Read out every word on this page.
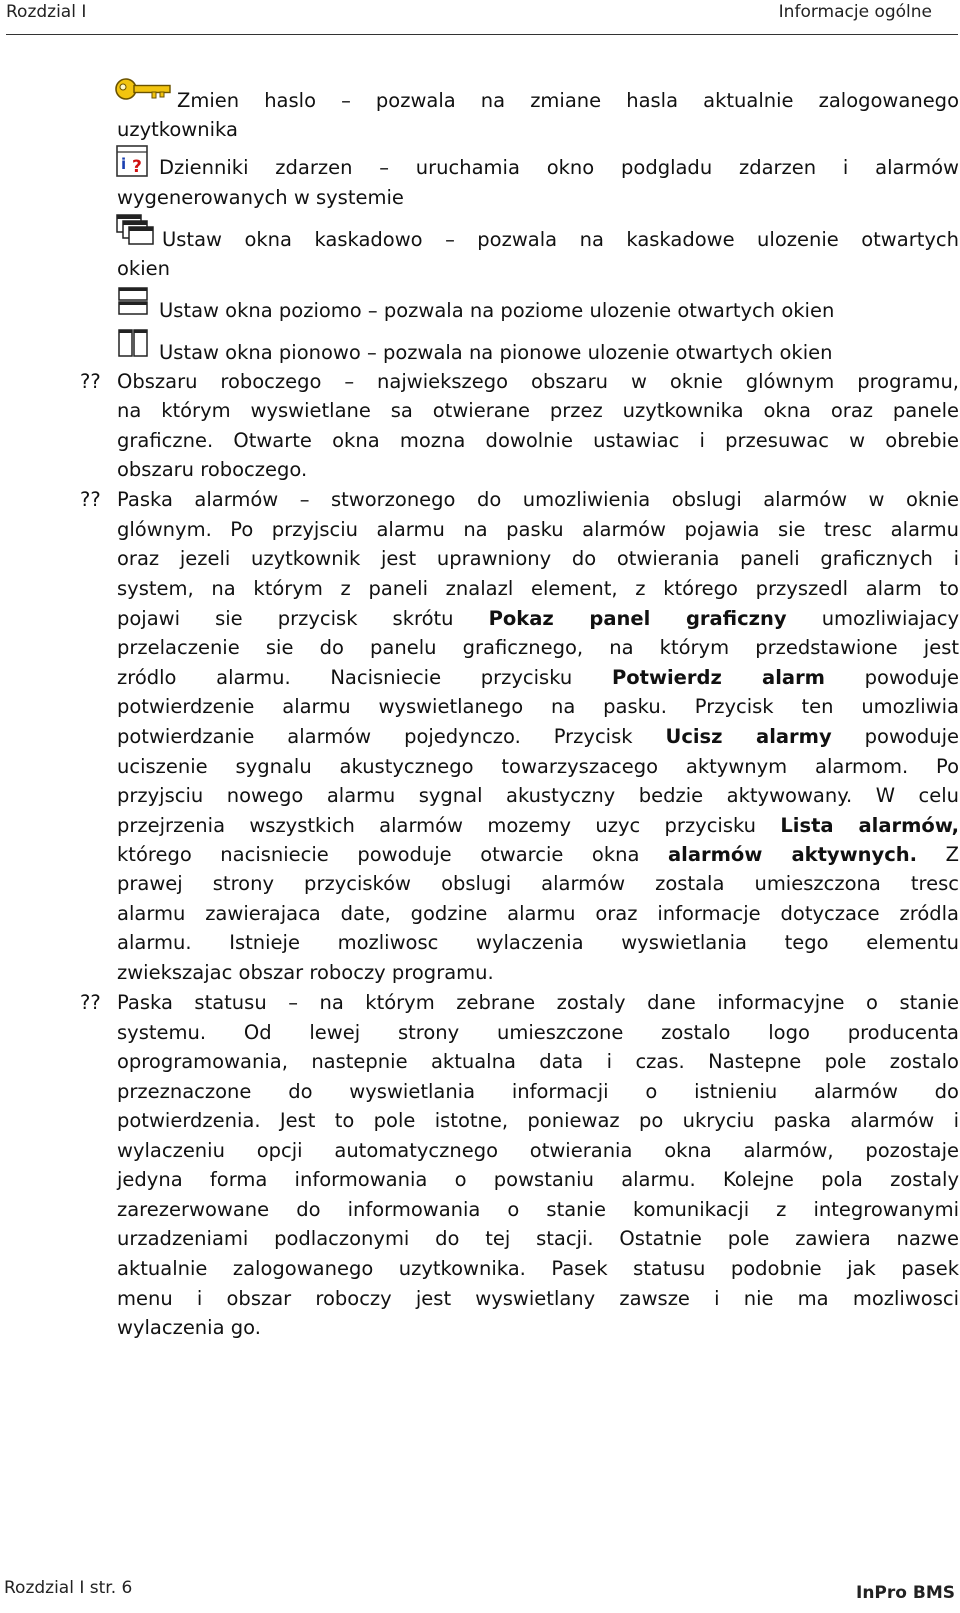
Rozdzial I	Informacje ogólne
i ?
Zmien haslo – pozwala na zmiane hasla aktualnie zalogowanego
uzytkownika
Dzienniki zdarzen – uruchamia okno podgladu zdarzen i alarmów
wygenerowanych w systemie
Ustaw okna kaskadowo – pozwala na kaskadowe ulozenie otwartych
okien
Ustaw okna poziomo – pozwala na poziome ulozenie otwartych okien
Ustaw okna pionowo – pozwala na pionowe ulozenie otwartych okien
?? Obszaru roboczego – najwiekszego obszaru w oknie glównym programu,
na którym wyswietlane sa otwierane przez uzytkownika okna oraz panele
graficzne. Otwarte okna mozna dowolnie ustawiac i przesuwac w obrebie
obszaru roboczego.
?? Paska alarmów – stworzonego do umozliwienia obslugi alarmów w oknie
glównym. Po przyjsciu alarmu na pasku alarmów pojawia sie tresc alarmu
oraz jezeli uzytkownik jest uprawniony do otwierania paneli graficznych i
system, na którym z paneli znalazl element, z którego przyszedl alarm to
pojawi sie przycisk skrótu Pokaz panel graficzny umozliwiajacy
przelaczenie sie do panelu graficznego, na którym przedstawione jest
zródlo alarmu. Nacisniecie przycisku Potwierdz alarm powoduje
potwierdzenie alarmu wyswietlanego na pasku. Przycisk ten umozliwia
potwierdzanie alarmów pojedynczo. Przycisk Ucisz alarmy powoduje
uciszenie sygnalu akustycznego towarzyszacego aktywnym alarmom. Po
przyjsciu nowego alarmu sygnal akustyczny bedzie aktywowany. W celu
przejrzenia wszystkich alarmów mozemy uzyc przycisku Lista alarmów,
którego nacisniecie powoduje otwarcie okna alarmów aktywnych. Z
prawej strony przycisków obslugi alarmów zostala umieszczona tresc
alarmu zawierajaca date, godzine alarmu oraz informacje dotyczace zródla
alarmu. Istnieje mozliwosc wylaczenia wyswietlania tego elementu
zwiekszajac obszar roboczy programu.
?? Paska statusu – na którym zebrane zostaly dane informacyjne o stanie
systemu. Od lewej strony umieszczone zostalo logo producenta
oprogramowania, nastepnie aktualna data i czas. Nastepne pole zostalo
przeznaczone do wyswietlania informacji o istnieniu alarmów do
potwierdzenia. Jest to pole istotne, poniewaz po ukryciu paska alarmów i
wylaczeniu opcji automatycznego otwierania okna alarmów, pozostaje
jedyna forma informowania o powstaniu alarmu. Kolejne pola zostaly
zarezerwowane do informowania o stanie komunikacji z integrowanymi
urzadzeniami podlaczonymi do tej stacji. Ostatnie pole zawiera nazwe
aktualnie zalogowanego uzytkownika. Pasek statusu podobnie jak pasek
menu i obszar roboczy jest wyswietlany zawsze i nie ma mozliwosci
wylaczenia go.
Rozdzial I str. 6	InPro BMS
